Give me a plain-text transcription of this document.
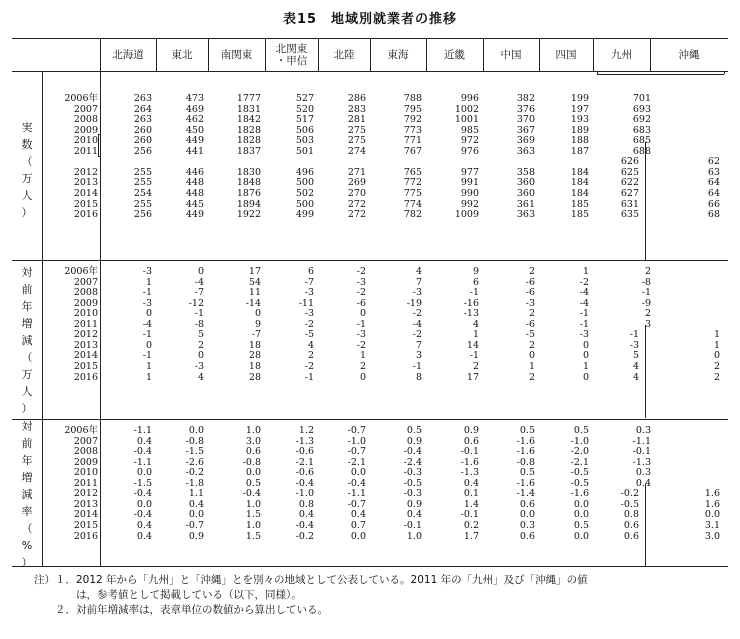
表15　地域別就業者の推移
北海道	東北	南関東	北関東
・甲信	北陸	東海	近畿	中国	四国	九州	沖縄
実
数
（
万
人
）
2006年	263	473	1777	527	286	788	996	382	199	701
2007	264	469	1831	520	283	795	1002	376	197	693
2008	263	462	1842	517	281	792	1001	370	193	692
2009	260	450	1828	506	275	773	985	367	189	683
2010	260	449	1828	503	275	771	972	369	188	685
2011	256	441	1837	501	274	767	976	363	187	688
626	62
2012	255	446	1830	496	271	765	977	358	184	625	63
2013	255	448	1848	500	269	772	991	360	184	622	64
2014	254	448	1876	502	270	775	990	360	184	627	64
2015	255	445	1894	500	272	774	992	361	185	631	66
2016	256	449	1922	499	272	782	1009	363	185	635	68
対
前
年
増
減
（
万
人
）
2006年	-3	0	17	6	-2	4	9	2	1	2
2007	1	-4	54	-7	-3	7	6	-6	-2	-8
2008	-1	-7	11	-3	-2	-3	-1	-6	-4	-1
2009	-3	-12	-14	-11	-6	-19	-16	-3	-4	-9
2010	0	-1	0	-3	0	-2	-13	2	-1	2
2011	-4	-8	9	-2	-1	-4	4	-6	-1	3
2012	-1	5	-7	-5	-3	-2	1	-5	-3	-1	1
2013	0	2	18	4	-2	7	14	2	0	-3	1
2014	-1	0	28	2	1	3	-1	0	0	5	0
2015	1	-3	18	-2	2	-1	2	1	1	4	2
2016	1	4	28	-1	0	8	17	2	0	4	2
対
前
年
増
減
率
（
%
）
2006年	-1.1	0.0	1.0	1.2	-0.7	0.5	0.9	0.5	0.5	0.3
2007	0.4	-0.8	3.0	-1.3	-1.0	0.9	0.6	-1.6	-1.0	-1.1
2008	-0.4	-1.5	0.6	-0.6	-0.7	-0.4	-0.1	-1.6	-2.0	-0.1
2009	-1.1	-2.6	-0.8	-2.1	-2.1	-2.4	-1.6	-0.8	-2.1	-1.3
2010	0.0	-0.2	0.0	-0.6	0.0	-0.3	-1.3	0.5	-0.5	0.3
2011	-1.5	-1.8	0.5	-0.4	-0.4	-0.5	0.4	-1.6	-0.5	0.4
2012	-0.4	1.1	-0.4	-1.0	-1.1	-0.3	0.1	-1.4	-1.6	-0.2	1.6
2013	0.0	0.4	1.0	0.8	-0.7	0.9	1.4	0.6	0.0	-0.5	1.6
2014	-0.4	0.0	1.5	0.4	0.4	0.4	-0.1	0.0	0.0	0.8	0.0
2015	0.4	-0.7	1.0	-0.4	0.7	-0.1	0.2	0.3	0.5	0.6	3.1
2016	0.4	0.9	1.5	-0.2	0.0	1.0	1.7	0.6	0.0	0.6	3.0
注）１．2012 年から「九州」と「沖縄」とを別々の地域として公表している。2011 年の「九州」及び「沖縄」の値
　　　　は，参考値として掲載している（以下，同様）。
　　２．対前年増減率は，表章単位の数値から算出している。
